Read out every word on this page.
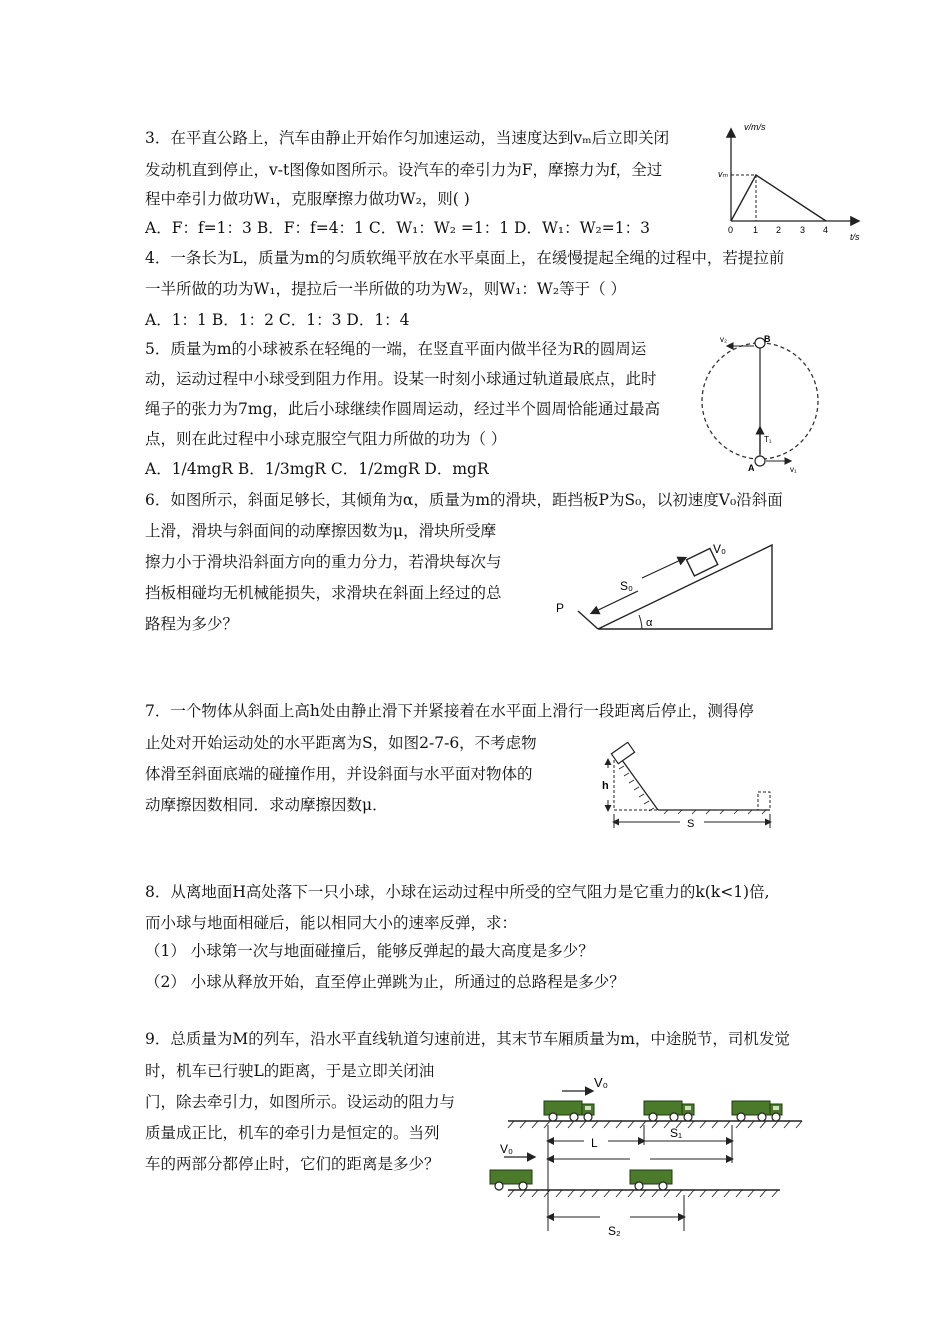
3．在平直公路上，汽车由静止开始作匀加速运动，当速度达到vₘ后立即关闭
发动机直到停止，v-t图像如图所示。设汽车的牵引力为F，摩擦力为f，全过
程中牵引力做功W₁，克服摩擦力做功W₂，则( )
A．F：f=1：3 B．F：f=4：1 C．W₁：W₂ =1：1 D．W₁：W₂=1：3
v/m/s
vₘ
0 1 2 3 4
t/s
4．一条长为L，质量为m的匀质软绳平放在水平桌面上，在缓慢提起全绳的过程中，若提拉前
一半所做的功为W₁，提拉后一半所做的功为W₂，则W₁：W₂等于（ ）
A．1：1 B．1：2 C．1：3 D．1：4
5．质量为m的小球被系在轻绳的一端，在竖直平面内做半径为R的圆周运
动，运动过程中小球受到阻力作用。设某一时刻小球通过轨道最底点，此时
绳子的张力为7mg，此后小球继续作圆周运动，经过半个圆周恰能通过最高
点，则在此过程中小球克服空气阻力所做的功为（ ）
A．1/4mgR B．1/3mgR C．1/2mgR D．mgR
B
A
v₂
v₁
T₁
6．如图所示，斜面足够长，其倾角为α，质量为m的滑块，距挡板P为S₀，以初速度V₀沿斜面
上滑，滑块与斜面间的动摩擦因数为μ，滑块所受摩
擦力小于滑块沿斜面方向的重力分力，若滑块每次与
挡板相碰均无机械能损失，求滑块在斜面上经过的总
路程为多少？
V₀
S₀
P
α
7．一个物体从斜面上高h处由静止滑下并紧接着在水平面上滑行一段距离后停止，测得停
止处对开始运动处的水平距离为S，如图2-7-6，不考虑物
体滑至斜面底端的碰撞作用，并设斜面与水平面对物体的
动摩擦因数相同．求动摩擦因数μ．
h
S
8．从离地面H高处落下一只小球，小球在运动过程中所受的空气阻力是它重力的k(k<1)倍,
而小球与地面相碰后，能以相同大小的速率反弹，求：
（1） 小球第一次与地面碰撞后，能够反弹起的最大高度是多少？
（2） 小球从释放开始，直至停止弹跳为止，所通过的总路程是多少？
9．总质量为M的列车，沿水平直线轨道匀速前进，其末节车厢质量为m，中途脱节，司机发觉
时，机车已行驶L的距离，于是立即关闭油
门，除去牵引力，如图所示。设运动的阻力与
质量成正比，机车的牵引力是恒定的。当列
车的两部分都停止时，它们的距离是多少？
V₀
L
S₁
V₀
S₂
